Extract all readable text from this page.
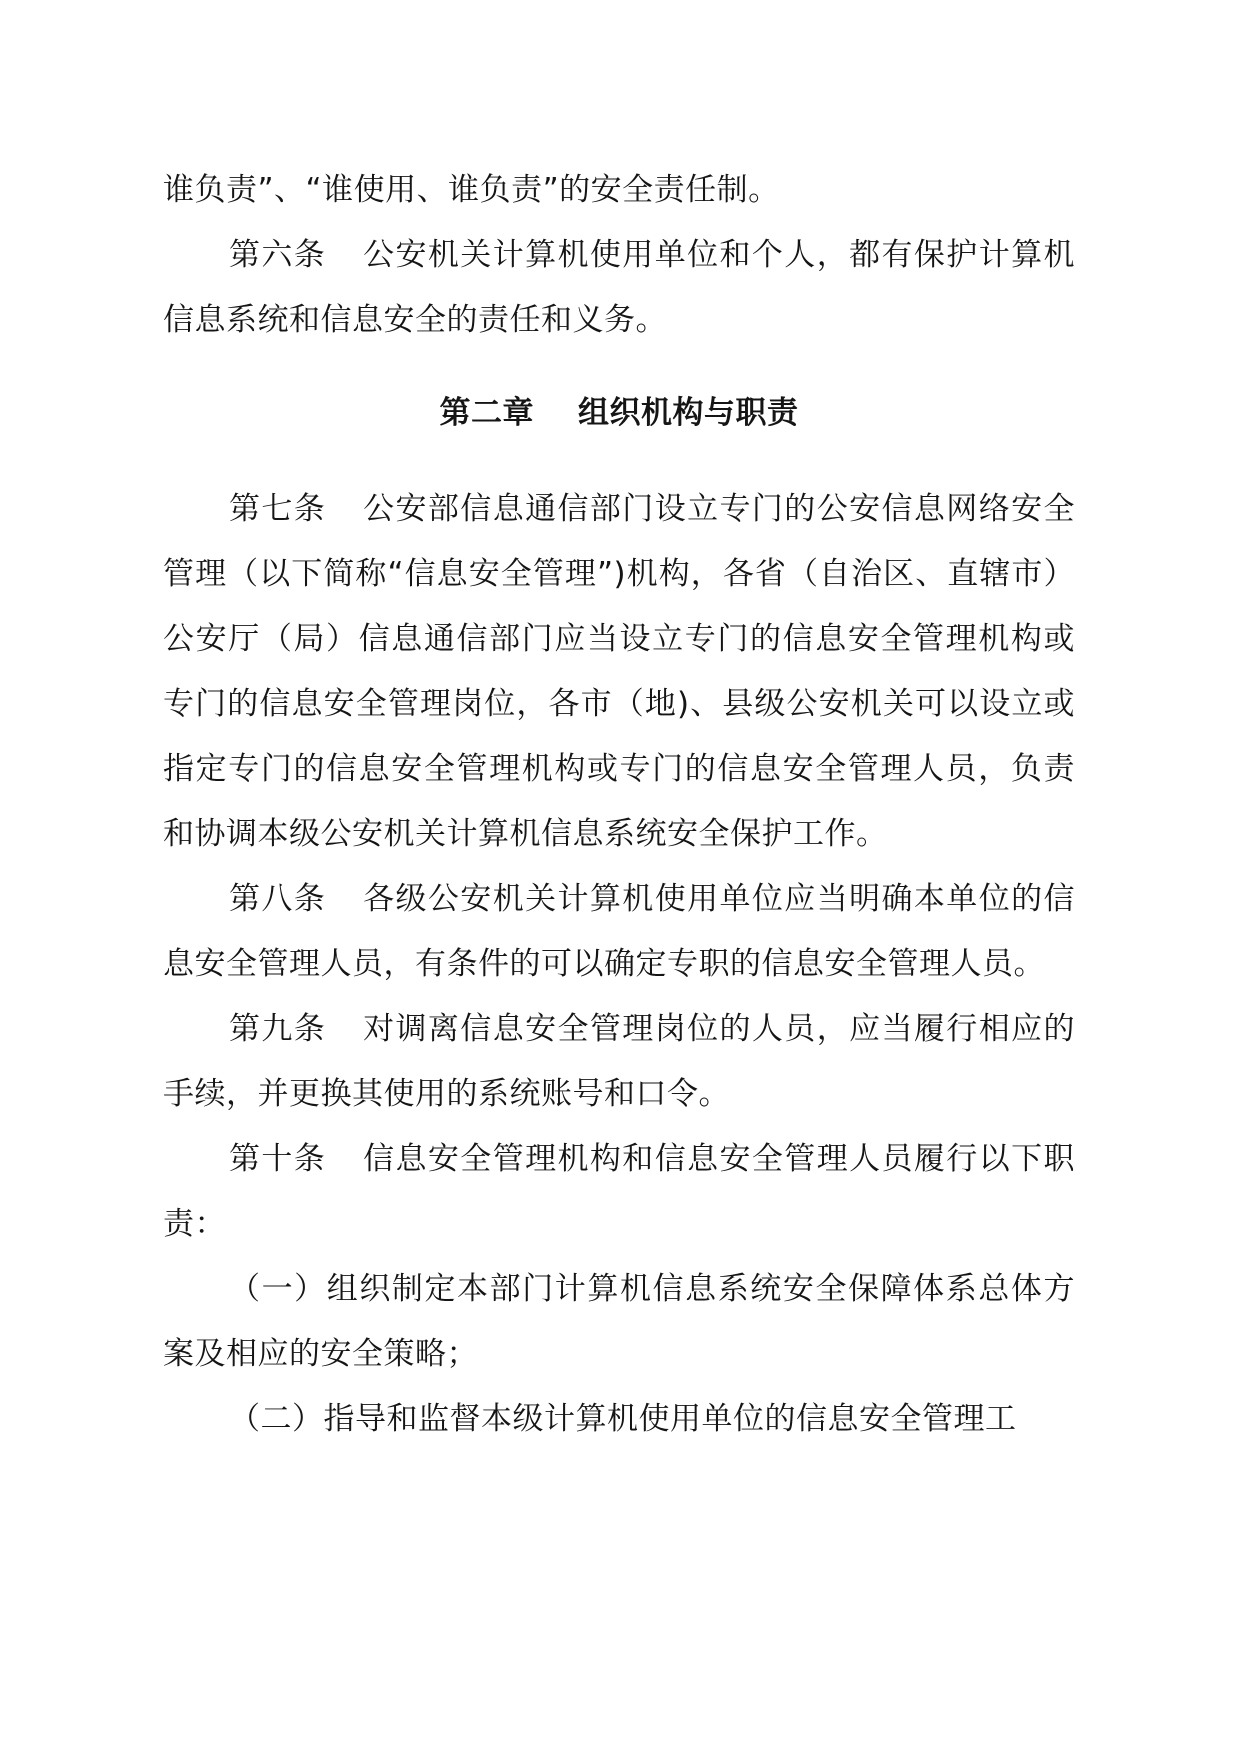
谁负责”、“谁使用、谁负责”的安全责任制。

第六条 公安机关计算机使用单位和个人，都有保护计算机信息系统和信息安全的责任和义务。

第二章 组织机构与职责

第七条 公安部信息通信部门设立专门的公安信息网络安全管理（以下简称“信息安全管理”)机构，各省（自治区、直辖市）公安厅（局）信息通信部门应当设立专门的信息安全管理机构或专门的信息安全管理岗位，各市（地)、县级公安机关可以设立或指定专门的信息安全管理机构或专门的信息安全管理人员，负责和协调本级公安机关计算机信息系统安全保护工作。

第八条 各级公安机关计算机使用单位应当明确本单位的信息安全管理人员，有条件的可以确定专职的信息安全管理人员。

第九条 对调离信息安全管理岗位的人员，应当履行相应的手续，并更换其使用的系统账号和口令。

第十条 信息安全管理机构和信息安全管理人员履行以下职责：

（一）组织制定本部门计算机信息系统安全保障体系总体方案及相应的安全策略；

（二）指导和监督本级计算机使用单位的信息安全管理工
